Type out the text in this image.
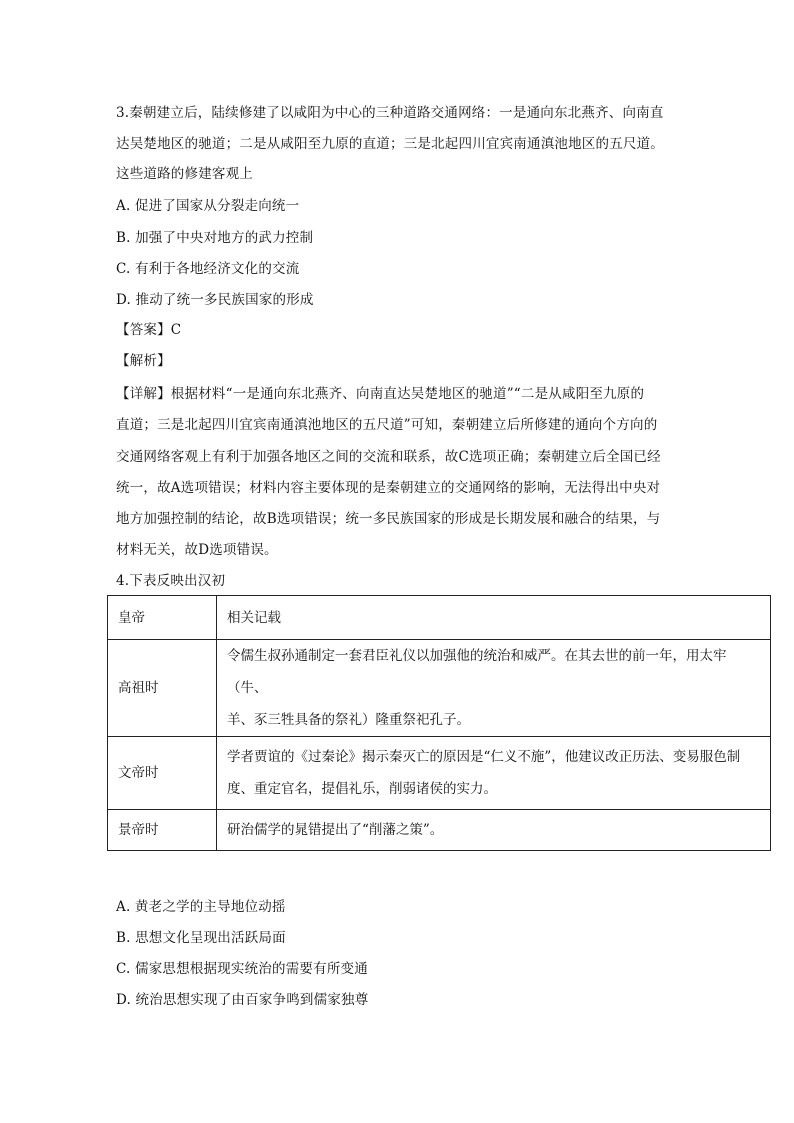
3.秦朝建立后，陆续修建了以咸阳为中心的三种道路交通网络：一是通向东北燕齐、向南直
达吴楚地区的驰道；二是从咸阳至九原的直道；三是北起四川宜宾南通滇池地区的五尺道。
这些道路的修建客观上
A. 促进了国家从分裂走向统一
B. 加强了中央对地方的武力控制
C. 有利于各地经济文化的交流
D. 推动了统一多民族国家的形成
【答案】C
【解析】
【详解】根据材料“一是通向东北燕齐、向南直达吴楚地区的驰道”“二是从咸阳至九原的
直道；三是北起四川宜宾南通滇池地区的五尺道”可知，秦朝建立后所修建的通向个方向的
交通网络客观上有利于加强各地区之间的交流和联系，故C选项正确；秦朝建立后全国已经
统一，故A选项错误；材料内容主要体现的是秦朝建立的交通网络的影响，无法得出中央对
地方加强控制的结论，故B选项错误；统一多民族国家的形成是长期发展和融合的结果，与
材料无关，故D选项错误。
4.下表反映出汉初
皇帝	相关记载
高祖时	令儒生叔孙通制定一套君臣礼仪以加强他的统治和威严。在其去世的前一年，用太牢（牛、
羊、豕三牲具备的祭礼）隆重祭祀孔子。

文帝时	学者贾谊的《过秦论》揭示秦灭亡的原因是“仁义不施”，他建议改正历法、变易服色制
度、重定官名，提倡礼乐，削弱诸侯的实力。

景帝时	研治儒学的晁错提出了“削藩之策”。
A. 黄老之学的主导地位动摇
B. 思想文化呈现出活跃局面
C. 儒家思想根据现实统治的需要有所变通
D. 统治思想实现了由百家争鸣到儒家独尊
